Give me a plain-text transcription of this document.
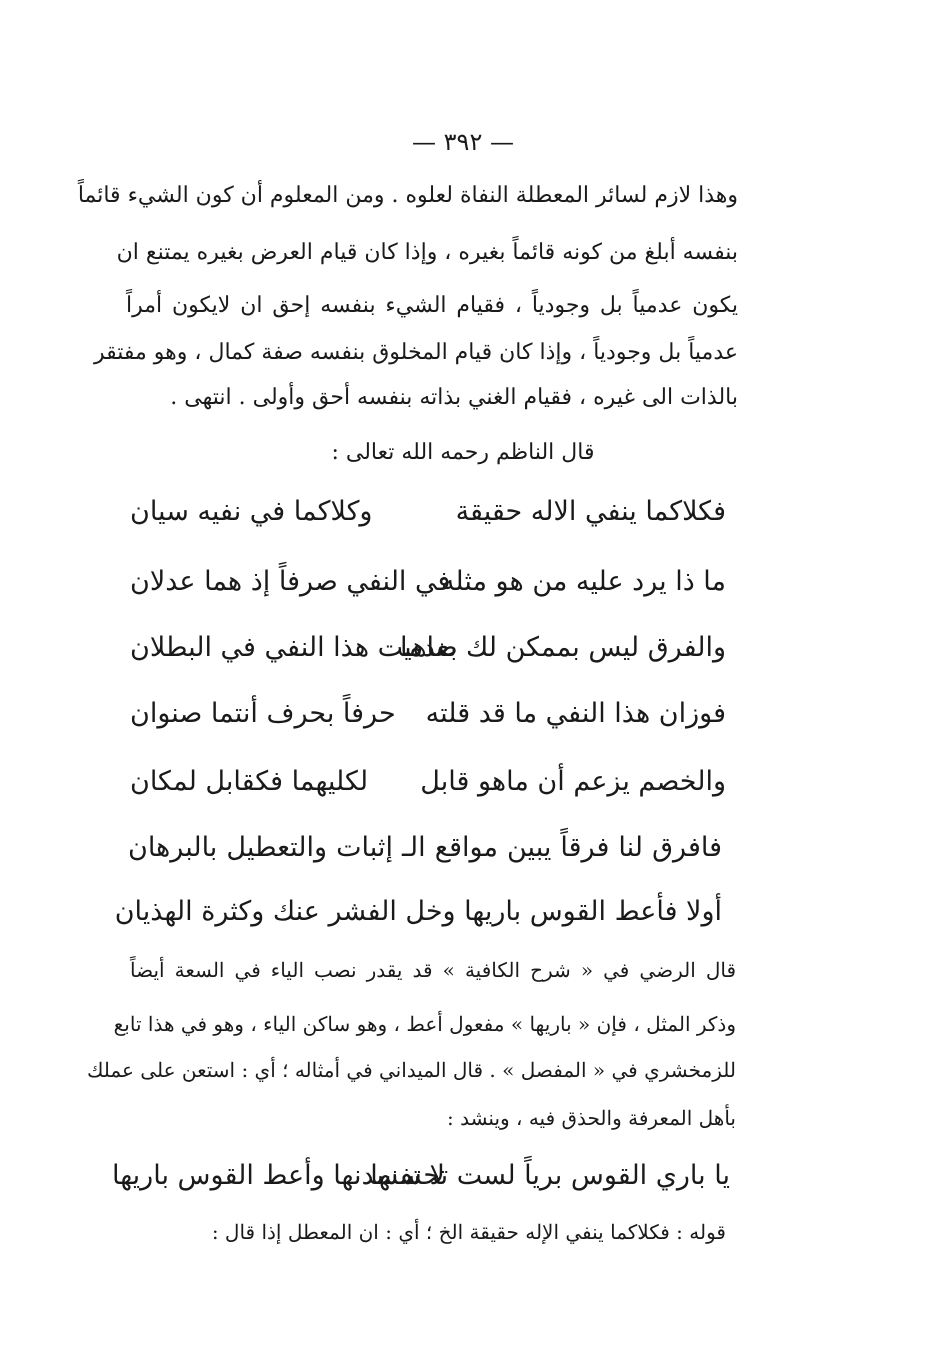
— ٣٩٢ —
وهذا لازم لسائر المعطلة النفاة لعلوه . ومن المعلوم أن كون الشيء قائماً
بنفسه أبلغ من كونه قائماً بغيره ، وإذا كان قيام العرض بغيره يمتنع ان
يكون عدمياً بل وجودياً ، فقيام الشيء بنفسه إحق ان لايكون أمراً
عدمياً بل وجودياً ، وإذا كان قيام المخلوق بنفسه صفة كمال ، وهو مفتقر
بالذات الى غيره ، فقيام الغني بذاته بنفسه أحق وأولى . انتهى .
قال الناظم رحمه الله تعالى :
فكلاكما ينفي الاله حقيقة
وكلاكما في نفيه سيان
ما ذا يرد عليه من هو مثله
في النفي صرفاً إذ هما عدلان
والفرق ليس بممكن لك بعدما
ضاهيت هذا النفي في البطلان
فوزان هذا النفي ما قد قلته
حرفاً بحرف أنتما صنوان
والخصم يزعم أن ماهو قابل
لكليهما فكقابل لمكان
فافرق لنا فرقاً يبين مواقع الـ إثبات والتعطيل بالبرهان
أولا فأعط القوس باريها وخل الفشر عنك وكثرة الهذيان
قال الرضي في « شرح الكافية » قد يقدر نصب الياء في السعة أيضاً
وذكر المثل ، فإن « باريها » مفعول أعط ، وهو ساكن الياء ، وهو في هذا تابع
للزمخشري في « المفصل » . قال الميداني في أمثاله ؛ أي : استعن على عملك
بأهل المعرفة والحذق فيه ، وينشد :
يا باري القوس برياً لست تحسنها
لا تفسدنها وأعط القوس باريها
قوله : فكلاكما ينفي الإله حقيقة الخ ؛ أي : ان المعطل إذا قال :
